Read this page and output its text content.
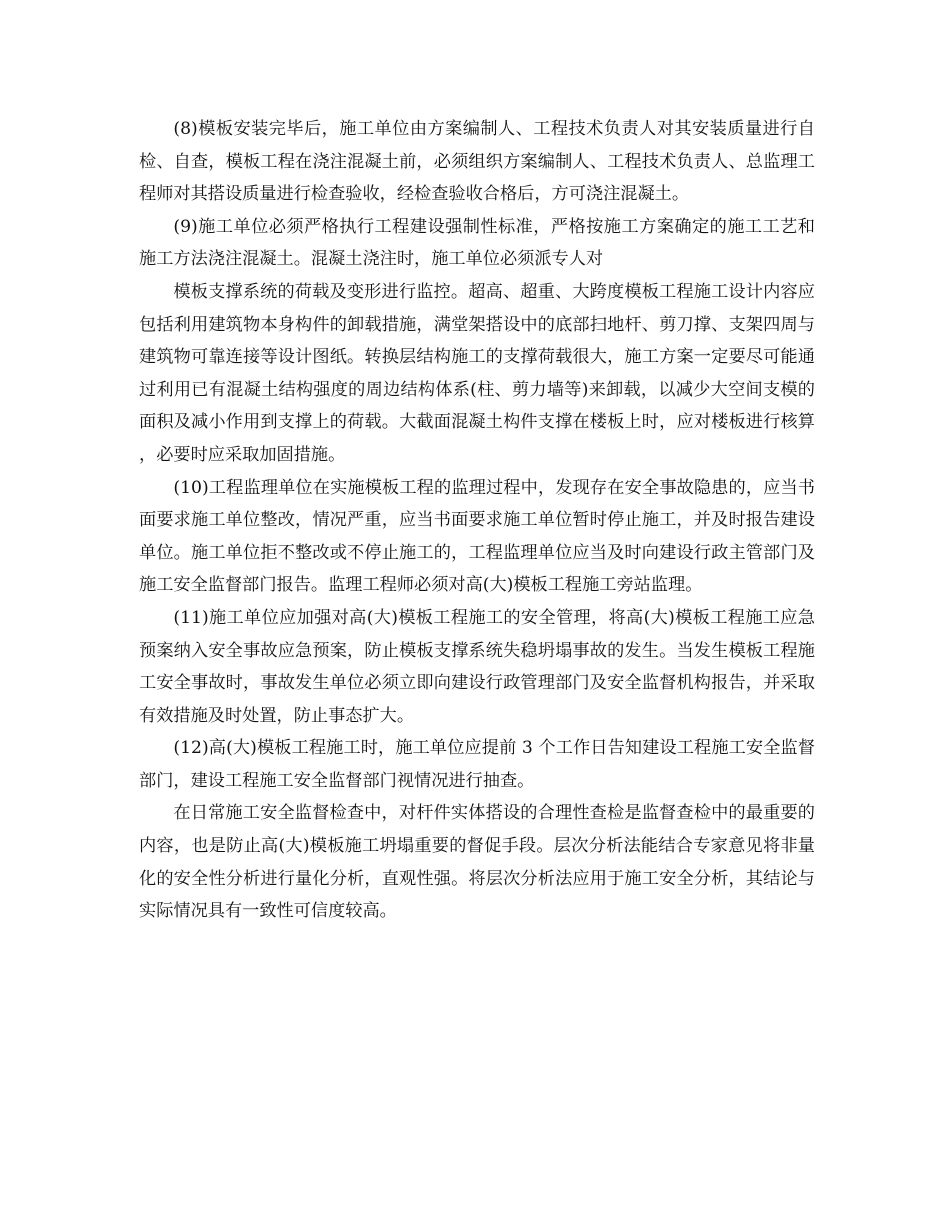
(8)模板安装完毕后，施工单位由方案编制人、工程技术负责人对其安装质量进行自检、自查，模板工程在浇注混凝土前，必须组织方案编制人、工程技术负责人、总监理工程师对其搭设质量进行检查验收，经检查验收合格后，方可浇注混凝土。

(9)施工单位必须严格执行工程建设强制性标准，严格按施工方案确定的施工工艺和施工方法浇注混凝土。混凝土浇注时，施工单位必须派专人对

模板支撑系统的荷载及变形进行监控。超高、超重、大跨度模板工程施工设计内容应包括利用建筑物本身构件的卸载措施，满堂架搭设中的底部扫地杆、剪刀撑、支架四周与建筑物可靠连接等设计图纸。转换层结构施工的支撑荷载很大，施工方案一定要尽可能通过利用已有混凝土结构强度的周边结构体系(柱、剪力墙等)来卸载，以减少大空间支模的面积及减小作用到支撑上的荷载。大截面混凝土构件支撑在楼板上时，应对楼板进行核算，必要时应采取加固措施。

(10)工程监理单位在实施模板工程的监理过程中，发现存在安全事故隐患的，应当书面要求施工单位整改，情况严重，应当书面要求施工单位暂时停止施工，并及时报告建设单位。施工单位拒不整改或不停止施工的，工程监理单位应当及时向建设行政主管部门及施工安全监督部门报告。监理工程师必须对高(大)模板工程施工旁站监理。

(11)施工单位应加强对高(大)模板工程施工的安全管理，将高(大)模板工程施工应急预案纳入安全事故应急预案，防止模板支撑系统失稳坍塌事故的发生。当发生模板工程施工安全事故时，事故发生单位必须立即向建设行政管理部门及安全监督机构报告，并采取有效措施及时处置，防止事态扩大。

(12)高(大)模板工程施工时，施工单位应提前 3 个工作日告知建设工程施工安全监督部门，建设工程施工安全监督部门视情况进行抽查。

在日常施工安全监督检查中，对杆件实体搭设的合理性查检是监督查检中的最重要的内容，也是防止高(大)模板施工坍塌重要的督促手段。层次分析法能结合专家意见将非量化的安全性分析进行量化分析，直观性强。将层次分析法应用于施工安全分析，其结论与实际情况具有一致性可信度较高。
